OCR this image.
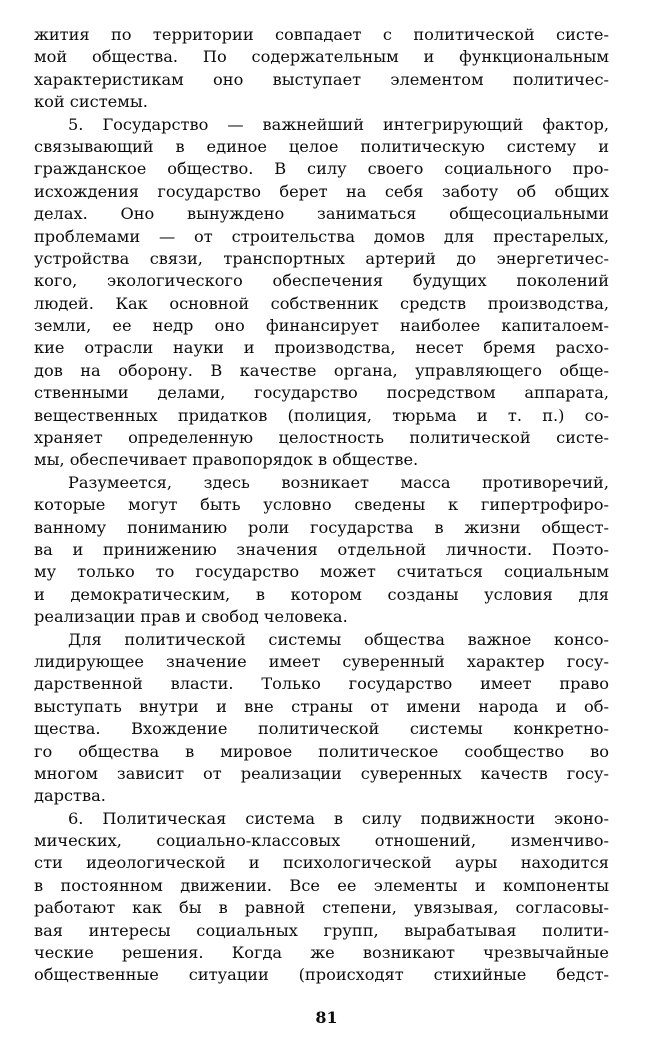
жития по территории совпадает с политической систе-
мой общества. По содержательным и функциональным
характеристикам оно выступает элементом политичес-
кой системы.
5. Государство — важнейший интегрирующий фактор,
связывающий в единое целое политическую систему и
гражданское общество. В силу своего социального про-
исхождения государство берет на себя заботу об общих
делах. Оно вынуждено заниматься общесоциальными
проблемами — от строительства домов для престарелых,
устройства связи, транспортных артерий до энергетичес-
кого, экологического обеспечения будущих поколений
людей. Как основной собственник средств производства,
земли, ее недр оно финансирует наиболее капиталоем-
кие отрасли науки и производства, несет бремя расхо-
дов на оборону. В качестве органа, управляющего обще-
ственными делами, государство посредством аппарата,
вещественных придатков (полиция, тюрьма и т. п.) со-
храняет определенную целостность политической систе-
мы, обеспечивает правопорядок в обществе.
Разумеется, здесь возникает масса противоречий,
которые могут быть условно сведены к гипертрофиро-
ванному пониманию роли государства в жизни общест-
ва и принижению значения отдельной личности. Поэто-
му только то государство может считаться социальным
и демократическим, в котором созданы условия для
реализации прав и свобод человека.
Для политической системы общества важное консо-
лидирующее значение имеет суверенный характер госу-
дарственной власти. Только государство имеет право
выступать внутри и вне страны от имени народа и об-
щества. Вхождение политической системы конкретно-
го общества в мировое политическое сообщество во
многом зависит от реализации суверенных качеств госу-
дарства.
6. Политическая система в силу подвижности эконо-
мических, социально-классовых отношений, изменчиво-
сти идеологической и психологической ауры находится
в постоянном движении. Все ее элементы и компоненты
работают как бы в равной степени, увязывая, согласовы-
вая интересы социальных групп, вырабатывая полити-
ческие решения. Когда же возникают чрезвычайные
общественные ситуации (происходят стихийные бедст-
81
